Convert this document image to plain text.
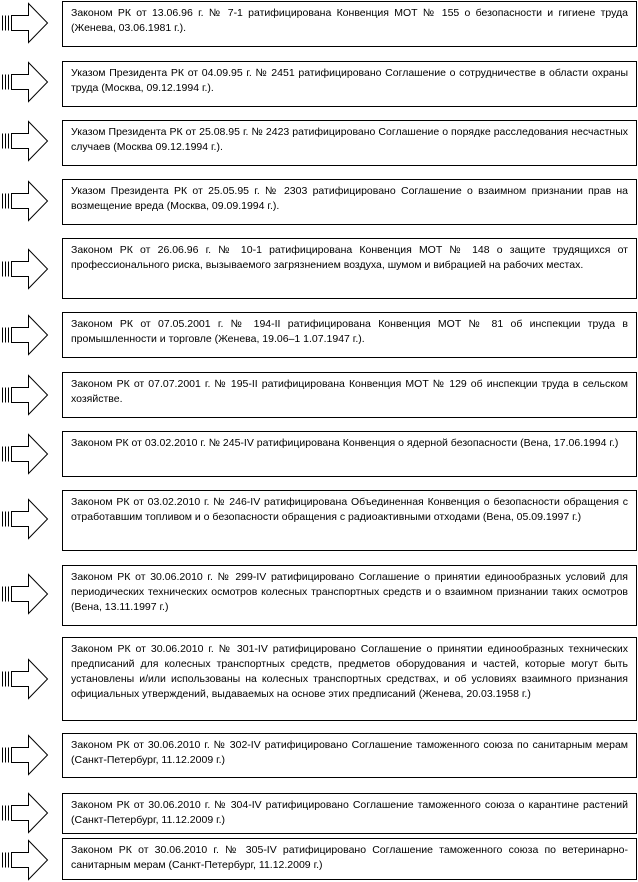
Законом РК от 13.06.96 г. № 7-1 ратифицирована Конвенция МОТ № 155 о безопасности и гигиене труда (Женева, 03.06.1981 г.).
Указом Президента РК от 04.09.95 г. № 2451 ратифицировано Соглашение о сотрудничестве в области охраны труда (Москва, 09.12.1994 г.).
Указом Президента РК от 25.08.95 г. № 2423 ратифицировано Соглашение о порядке расследования несчастных случаев (Москва 09.12.1994 г.).
Указом Президента РК от 25.05.95 г. № 2303 ратифицировано Соглашение о взаимном признании прав на возмещение вреда (Москва, 09.09.1994 г.).
Законом РК от 26.06.96 г. № 10-1 ратифицирована Конвенция МОТ № 148 о защите трудящихся от профессионального риска, вызываемого загрязнением воздуха, шумом и вибрацией на рабочих местах.
Законом РК от 07.05.2001 г. № 194-II ратифицирована Конвенция МОТ № 81 об инспекции труда в промышленности и торговле (Женева, 19.06–1 1.07.1947 г.).
Законом РК от 07.07.2001 г. № 195-II ратифицирована Конвенция МОТ № 129 об инспекции труда в сельском хозяйстве.
Законом РК от 03.02.2010 г. № 245-IV ратифицирована Конвенция о ядерной безопасности (Вена, 17.06.1994 г.)
Законом РК от 03.02.2010 г. № 246-IV ратифицирована Объединенная Конвенция о безопасности обращения с отработавшим топливом и о безопасности обращения с радиоактивными отходами (Вена, 05.09.1997 г.)
Законом РК от 30.06.2010 г. № 299-IV ратифицировано Соглашение о принятии единообразных условий для периодических технических осмотров колесных транспортных средств и о взаимном признании таких осмотров (Вена, 13.11.1997 г.)
Законом РК от 30.06.2010 г. № 301-IV ратифицировано Соглашение о принятии единообразных технических предписаний для колесных транспортных средств, предметов оборудования и частей, которые могут быть установлены и/или использованы на колесных транспортных средствах, и об условиях взаимного признания официальных утверждений, выдаваемых на основе этих предписаний (Женева, 20.03.1958 г.)
Законом РК от 30.06.2010 г. № 302-IV ратифицировано Соглашение таможенного союза по санитарным мерам (Санкт-Петербург, 11.12.2009 г.)
Законом РК от 30.06.2010 г. № 304-IV ратифицировано Соглашение таможенного союза о карантине растений (Санкт-Петербург, 11.12.2009 г.)
Законом РК от 30.06.2010 г. № 305-IV ратифицировано Соглашение таможенного союза по ветеринарно-санитарным мерам (Санкт-Петербург, 11.12.2009 г.)
